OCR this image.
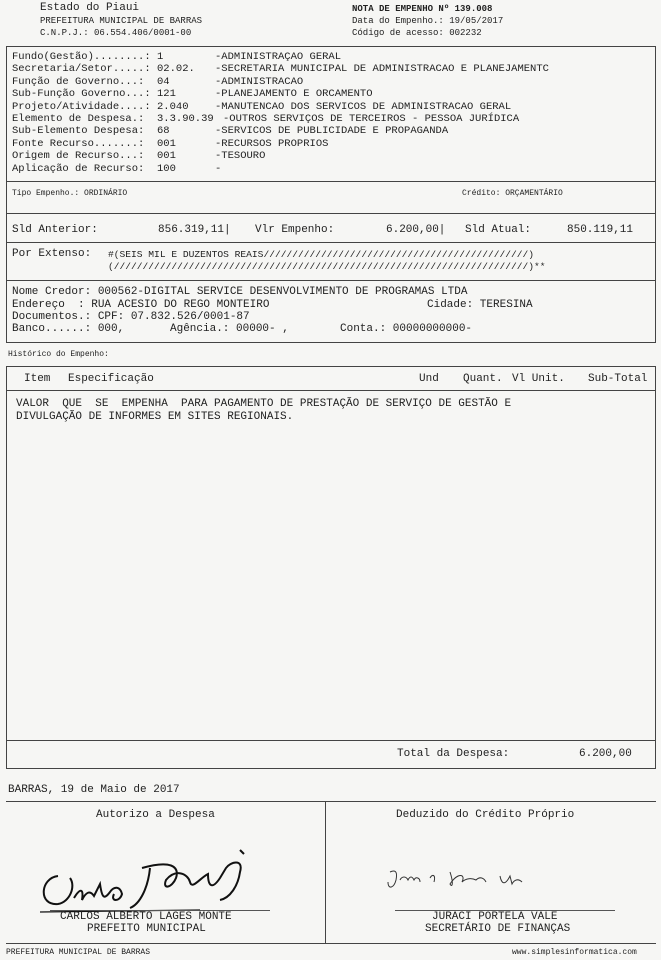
Estado do Piaui
PREFEITURA MUNICIPAL DE BARRAS
C.N.P.J.: 06.554.406/0001-00
NOTA DE EMPENHO Nº 139.008
Data do Empenho.: 19/05/2017
Código de acesso: 002232
Fundo(Gestão)........: 1	-ADMINISTRAÇAO GERAL
Secretaria/Setor.....: 02.02. -SECRETARIA MUNICIPAL DE ADMINISTRACAO E PLANEJAMENTC
Função de Governo...: 04	-ADMINISTRACAO
Sub-Função Governo...: 121	-PLANEJAMENTO E ORCAMENTO
Projeto/Atividade....: 2.040	-MANUTENCAO DOS SERVICOS DE ADMINISTRACAO GERAL
Elemento de Despesa.: 3.3.90.39 -OUTROS SERVIÇOS DE TERCEIROS - PESSOA JURÍDICA
Sub-Elemento Despesa: 68	-SERVICOS DE PUBLICIDADE E PROPAGANDA
Fonte Recurso.......: 001	-RECURSOS PROPRIOS
Origem de Recurso...: 001	-TESOURO
Aplicação de Recurso: 100	-
Tipo Empenho.: ORDINÁRIO	Crédito: ORÇAMENTÁRIO
Sld Anterior:	856.319,11| Vlr Empenho:	6.200,00| Sld Atual:	850.119,11
Por Extenso: #(SEIS MIL E DUZENTOS REAIS//////////////////////////////////////////////)
(////////////////////////////////////////////////////////////////////////)**
Nome Credor: 000562-DIGITAL SERVICE DESENVOLVIMENTO DE PROGRAMAS LTDA
Endereço  : RUA ACESIO DO REGO MONTEIRO	Cidade: TERESINA
Documentos.: CPF: 07.832.526/0001-87
Banco......: 000,	Agência.: 00000- ,	Conta.: 00000000000-
Histórico do Empenho:
Item Especificação	Und Quant. Vl Unit. Sub-Total
VALOR  QUE  SE  EMPENHA  PARA PAGAMENTO DE PRESTAÇÃO DE SERVIÇO DE GESTÃO E
DIVULGAÇÃO DE INFORMES EM SITES REGIONAIS.
Total da Despesa:	6.200,00
BARRAS, 19 de Maio de 2017
Autorizo a Despesa	Deduzido do Crédito Próprio
CARLOS ALBERTO LAGES MONTE
PREFEITO MUNICIPAL
JURACI PORTELA VALE
SECRETÁRIO DE FINANÇAS
PREFEITURA MUNICIPAL DE BARRAS	www.simplesinformatica.com
